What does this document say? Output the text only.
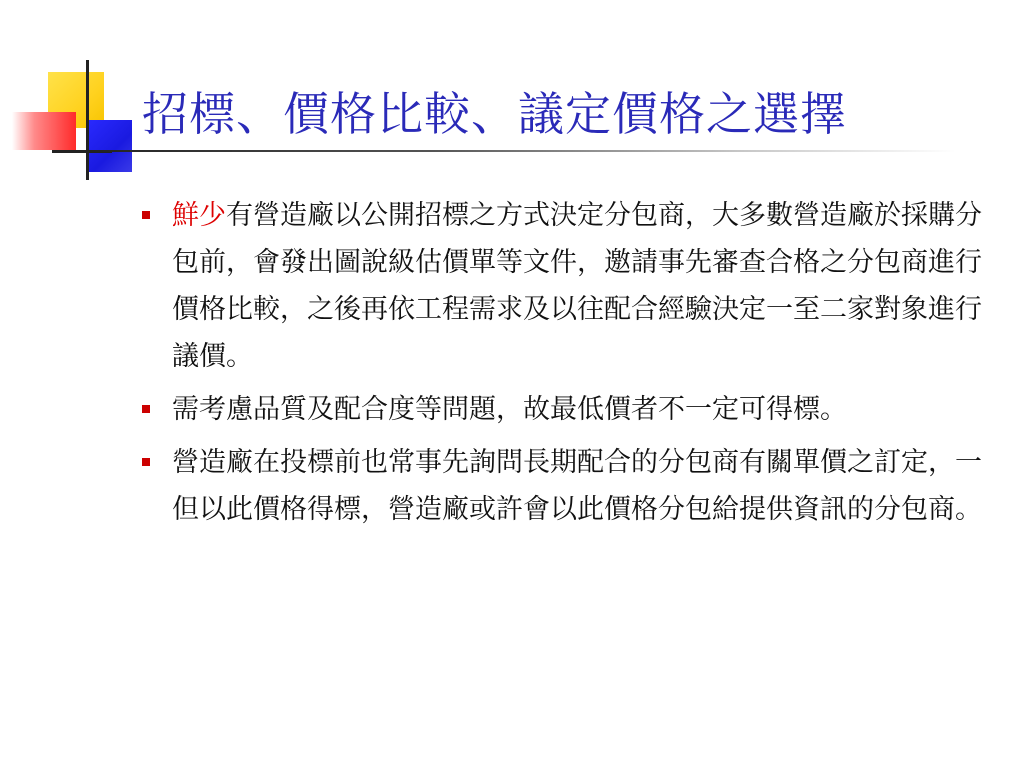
招標、價格比較、議定價格之選擇
鮮少有營造廠以公開招標之方式決定分包商，大多數營造廠於採購分包前，會發出圖說級估價單等文件，邀請事先審查合格之分包商進行價格比較，之後再依工程需求及以往配合經驗決定一至二家對象進行議價。
需考慮品質及配合度等問題，故最低價者不一定可得標。
營造廠在投標前也常事先詢問長期配合的分包商有關單價之訂定，一但以此價格得標，營造廠或許會以此價格分包給提供資訊的分包商。
